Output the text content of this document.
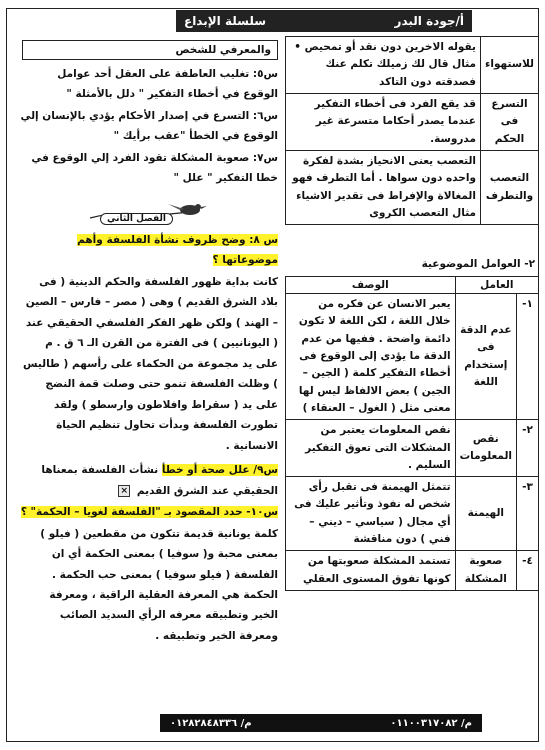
أ/جودة البدر
سلسلة الإبداع
للاستهواء	يقوله الاخرين دون نقد أو تمحيص • مثال قال لك زميلك تكلم عنك فصدقته دون التاكد
التسرع فى الحكم	قد يقع الفرد فى أخطاء التفكير عندما يصدر أحكاما متسرعة غير مدروسة.
التعصب والتطرف	التعصب يعنى الانحياز بشدة لفكرة واحده دون سواها . أما التطرف فهو المغالاة والإفراط فى تقدير الاشياء مثال التعصب الكروى
٢- العوامل الموضوعية
العامل		الوصف
١-	عدم الدقة فى إستخدام اللغة	يعبر الانسان عن فكره من خلال اللغة ، لكن اللغة لا تكون دائمة واضحة . ففيها من عدم الدقة ما يؤدى إلى الوقوع فى أخطاء التفكير كلمة ( الجين – الجين ) بعض الالفاظ ليس لها معنى مثل ( الغول – العنقاء )
٢-	نقص المعلومات	نقص المعلومات يعتبر من المشكلات التى تعوق التفكير السليم .
٣-	الهيمنة	تتمثل الهيمنة فى تقبل رأى شخص له نفوذ وتأثير عليك فى أي مجال ( سياسي – ديني – فني ) دون مناقشة
٤-	صعوبة المشكلة	تستمد المشكلة صعوبتها من كونها تفوق المستوى العقلي
والمعرفي للشخص

س٥: تغليب العاطفة على العقل أحد عوامل الوقوع في أخطاء التفكير " دلل بالأمثلة "

س٦: التسرع في إصدار الأحكام يؤدي بالإنسان إلي الوقوع في الخطأ "عقب برأيك "

س٧: صعوبة المشكلة تقود الفرد إلي الوقوع في خطا التفكير " علل "

الفصل الثاني

س ٨: وضح ظروف نشأة الفلسفة وأهم موضوعاتها ؟

كانت بداية ظهور الفلسفة والحكم الدينية ( فى بلاد الشرق القديم ) وهى ( مصر – فارس – الصين – الهند ) ولكن ظهر الفكر الفلسفي الحقيقي عند ( اليونانيين ) فى الفترة من القرن الـ ٦ ق . م على يد مجموعة من الحكماء على رأسهم ( طاليس ) وظلت الفلسفة تنمو حتى وصلت قمة النضج على يد ( سقراط وافلاطون وارسطو ) ولقد تطورت الفلسفة وبدأت تحاول تنظيم الحياة الانسانية .

س٩/ علل صحة أو خطأ نشأت الفلسفة بمعناها الحقيقي عند الشرق القديم ×

س١٠- حدد المقصود بـ "الفلسفة لغويا – الحكمة" ؟

كلمة يونانية قديمة تتكون من مقطعين ( فيلو ) بمعنى محبة و( سوفيا ) بمعنى الحكمة أي ان الفلسفة ( فيلو سوفيا ) بمعنى حب الحكمة . الحكمة هي المعرفة العقلية الراقية ، ومعرفة الخير وتطبيقه معرفه الرأي السديد الصائب ومعرفة الخير وتطبيقه .

م/ ٠١٢٨٢٨٤٨٣٣٦	م/ ٠١١٠٠٣١٧٠٨٢
